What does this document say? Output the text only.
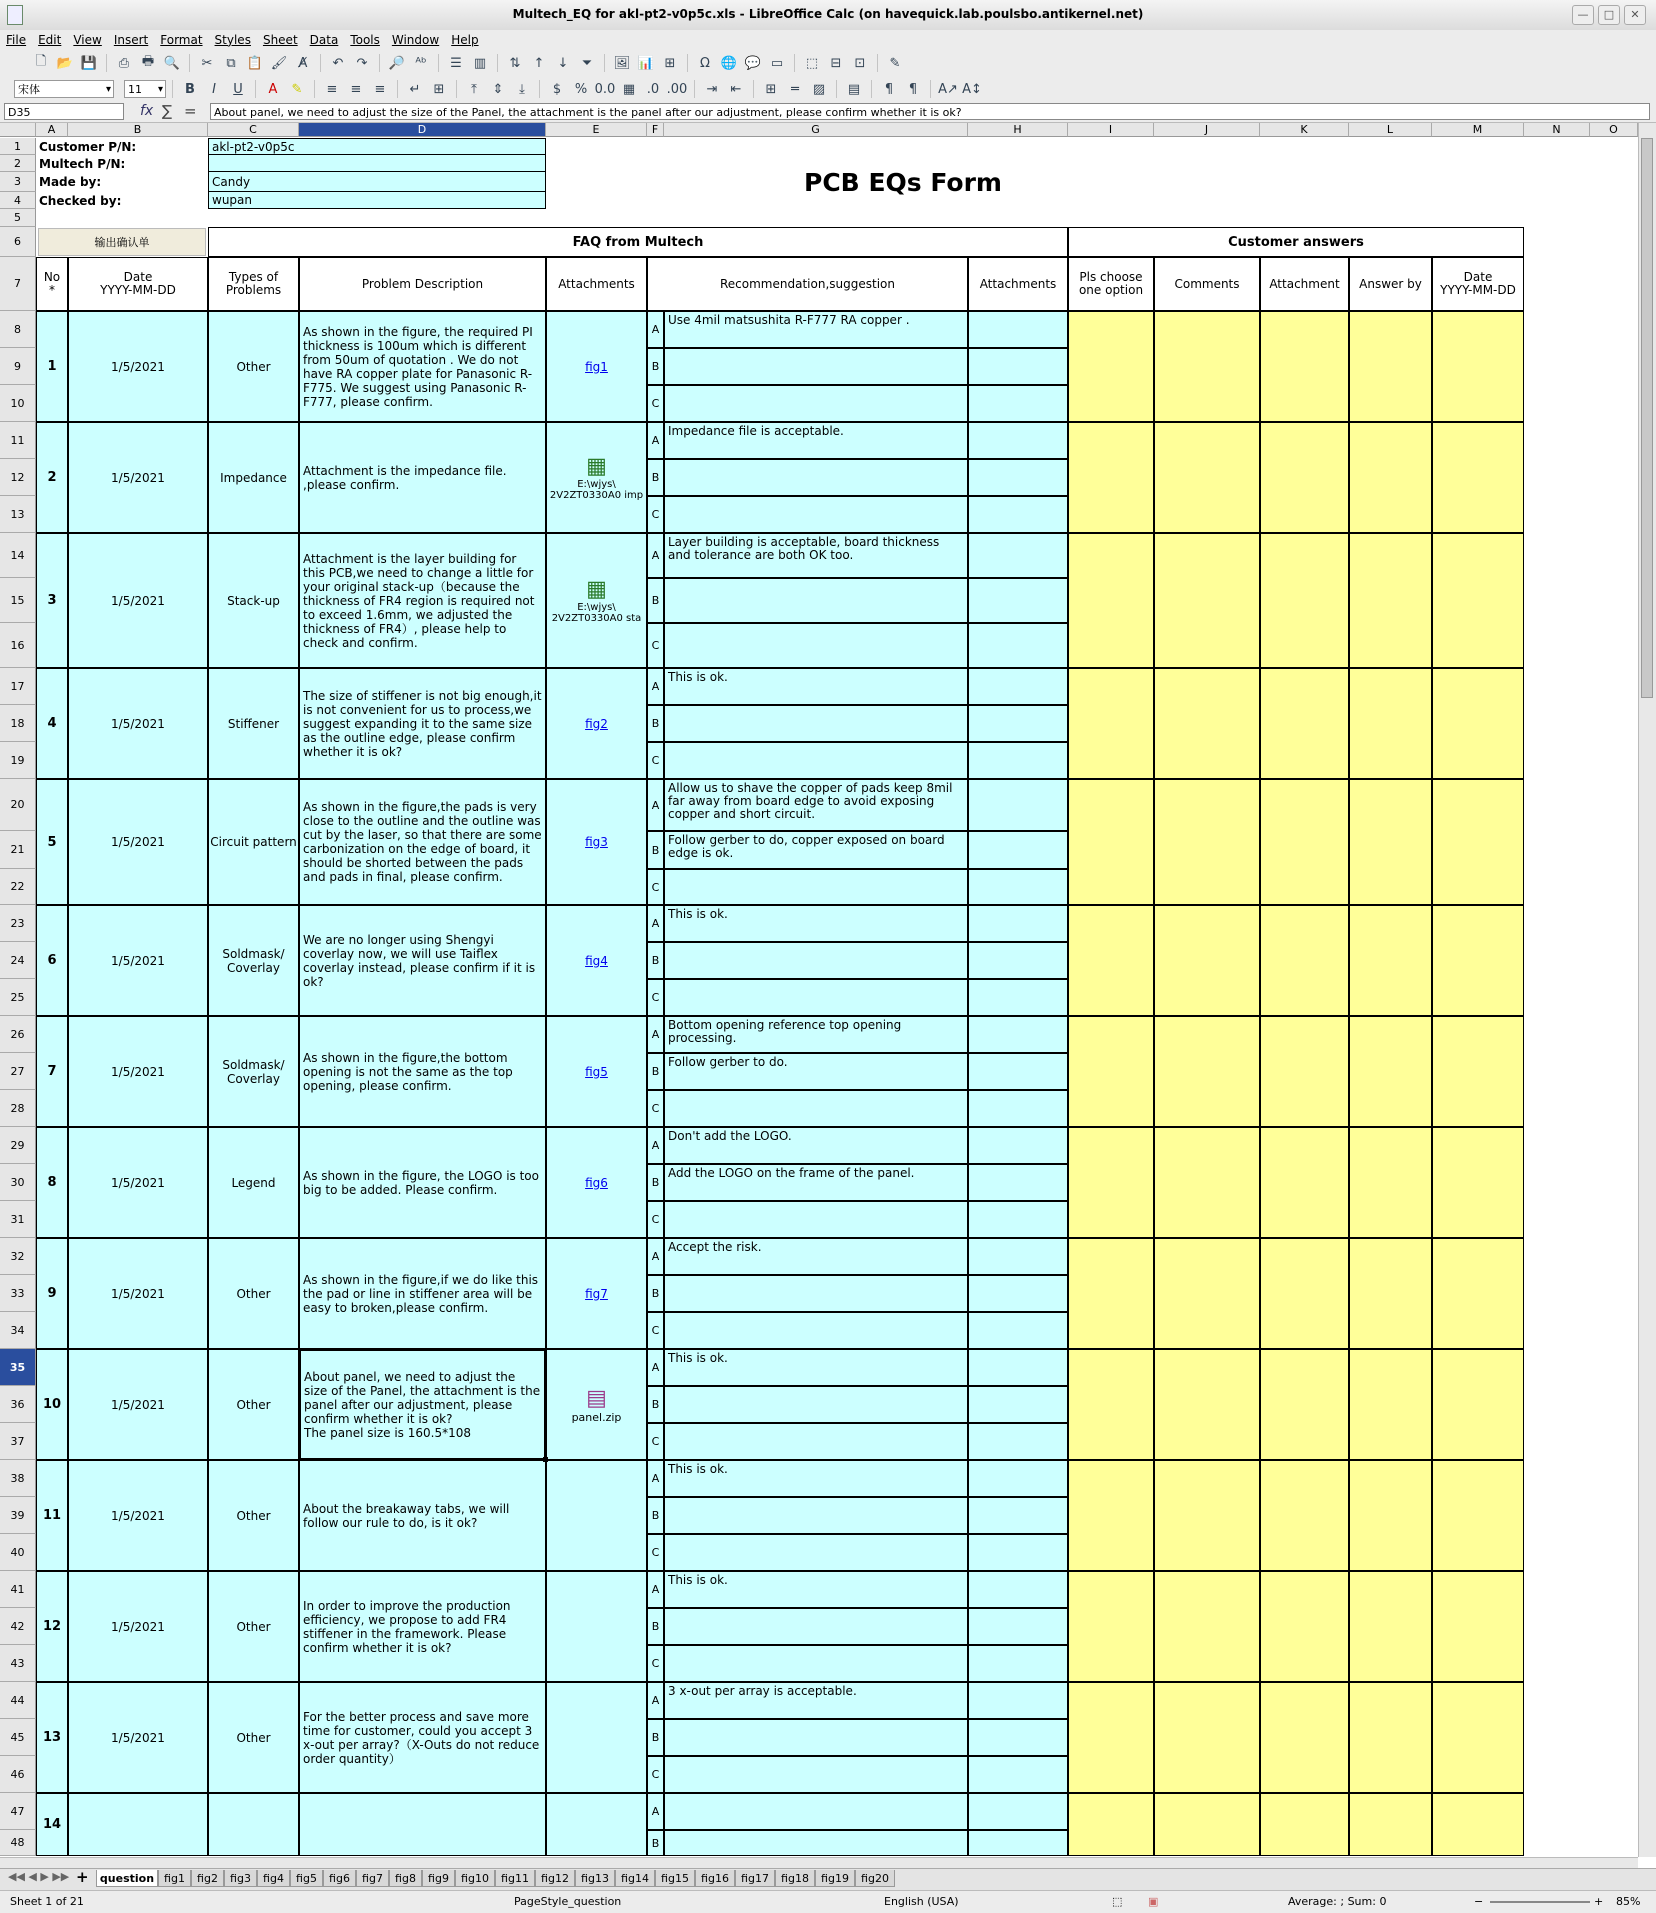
Multech_EQ for akl-pt2-v0p5c.xls - LibreOffice Calc (on havequick.lab.poulsbo.antikernel.net)	—	□	✕
File	Edit	View	Insert	Format	Styles	Sheet	Data	Tools	Window	Help
🗋 📂 💾	⎙ 🖶 🔍	✂	⧉ 📋 🖌 A̸	↶	↷	🔎 ᴬᵇ	☰ ▥	⇅	↑	↓	⏷	🖼 📊 ⊞	Ω 🌐 💬 ▭	⬚ ⊟	⊡	✎
宋体 ▾	11 ▾	B	I	U	A	✎	≡	≡	≡	↵	⊞	⤒	⇕	⤓	$	% 0.0 ▦ .0 .00	⇥	⇤	⊞	═	▨	▤	¶	¶	A↗ A↕
D35	fx ∑ =	About panel, we need to adjust the size of the Panel, the attachment is the panel after our adjustment, please confirm whether it is ok?
A	B	C	D	E	F	G	H	I	J	K	L	M	N	O
1
2
3
4
5
6
7
8
9
10
11
12
13
14
15
16
17
18
19
20
21
22
23
24
25
26
27
28
29
30
31
32
33
34
35
36
37
38
39
40
41
42
43
44
45
46
47
48
Customer P/N:	akl-pt2-v0p5c
Multech P/N:
Made by:	Candy
Checked by:	wupan
PCB EQs Form
输出确认单	FAQ from Multech	Customer answers
No
*
Date
YYYY-MM-DD
Types of
Problems	Problem Description	Attachments	Recommendation,suggestion	Attachments	Pls choose
one option	Comments	Attachment	Answer by	Date
YYYY-MM-DD
1	1/5/2021	Other
As shown in the figure, the required PI thickness is 100um which is different from 50um of quotation . We do not have RA copper plate for Panasonic R-F775. We suggest using Panasonic R-F777, please confirm.
fig1
A
Use 4mil matsushita R-F777 RA copper .
B
C
2	1/5/2021	Impedance	Attachment is the impedance file. ,please confirm.
▦
E:\wjys\ 2V2ZT0330A0 imp
A
Impedance file is acceptable.
B
C
3	1/5/2021	Stack-up
Attachment is the layer building for this PCB,we need to change a little for your original stack-up（because the thickness of FR4 region is required not to exceed 1.6mm, we adjusted the thickness of FR4）, please help to check and confirm.
▦
E:\wjys\ 2V2ZT0330A0 sta
A
Layer building is acceptable, board thickness and tolerance are both OK too.
B
C
4	1/5/2021	Stiffener
The size of stiffener is not big enough,it is not convenient for us to process,we suggest expanding it to the same size as the outline edge, please confirm whether it is ok?
fig2
A
This is ok.
B
C
5	1/5/2021	Circuit pattern
As shown in the figure,the pads is very close to the outline and the outline was cut by the laser, so that there are some carbonization on the edge of board, it should be shorted between the pads and pads in final, please confirm.
fig3
A
Allow us to shave the copper of pads keep 8mil far away from board edge to avoid exposing copper and short circuit.
B
Follow gerber to do, copper exposed on board edge is ok.
C
6	1/5/2021	Soldmask/ Coverlay
We are no longer using Shengyi coverlay now, we will use Taiflex coverlay instead, please confirm if it is ok?
fig4
A
This is ok.
B
C
7	1/5/2021	Soldmask/ Coverlay
As shown in the figure,the bottom opening is not the same as the top opening, please confirm.
fig5
A
Bottom opening reference top opening processing.
B
Follow gerber to do.
C
8	1/5/2021	Legend	As shown in the figure, the LOGO is too big to be added. Please confirm.	fig6
A
Don't add the LOGO.
B
Add the LOGO on the frame of the panel.
C
9	1/5/2021	Other
As shown in the figure,if we do like this the pad or line in stiffener area will be easy to broken,please confirm.
fig7
A
Accept the risk.
B
C
10	1/5/2021	Other
About panel, we need to adjust the size of the Panel, the attachment is the panel after our adjustment, please confirm whether it is ok?
The panel size is 160.5*108
▤
panel.zip
A
This is ok.
B
C
11	1/5/2021	Other	About the breakaway tabs, we will follow our rule to do, is it ok?
A
This is ok.
B
C
12	1/5/2021	Other
In order to improve the production efficiency, we propose to add FR4 stiffener in the framework. Please confirm whether it is ok?
A
This is ok.
B
C
13	1/5/2021	Other
For the better process and save more time for customer, could you accept 3 x-out per array?（X-Outs do not reduce order quantity）
A
3 x-out per array is acceptable.
B
C
14
A
B
◀◀ ◀ ▶ ▶▶ +	question fig1	fig2	fig3	fig4	fig5	fig6	fig7	fig8	fig9	fig10	fig11	fig12	fig13	fig14	fig15	fig16	fig17	fig18	fig19	fig20
Sheet 1 of 21	PageStyle_question	English (USA)	⬚ ▣	Average: ; Sum: 0	−	+ 85%
